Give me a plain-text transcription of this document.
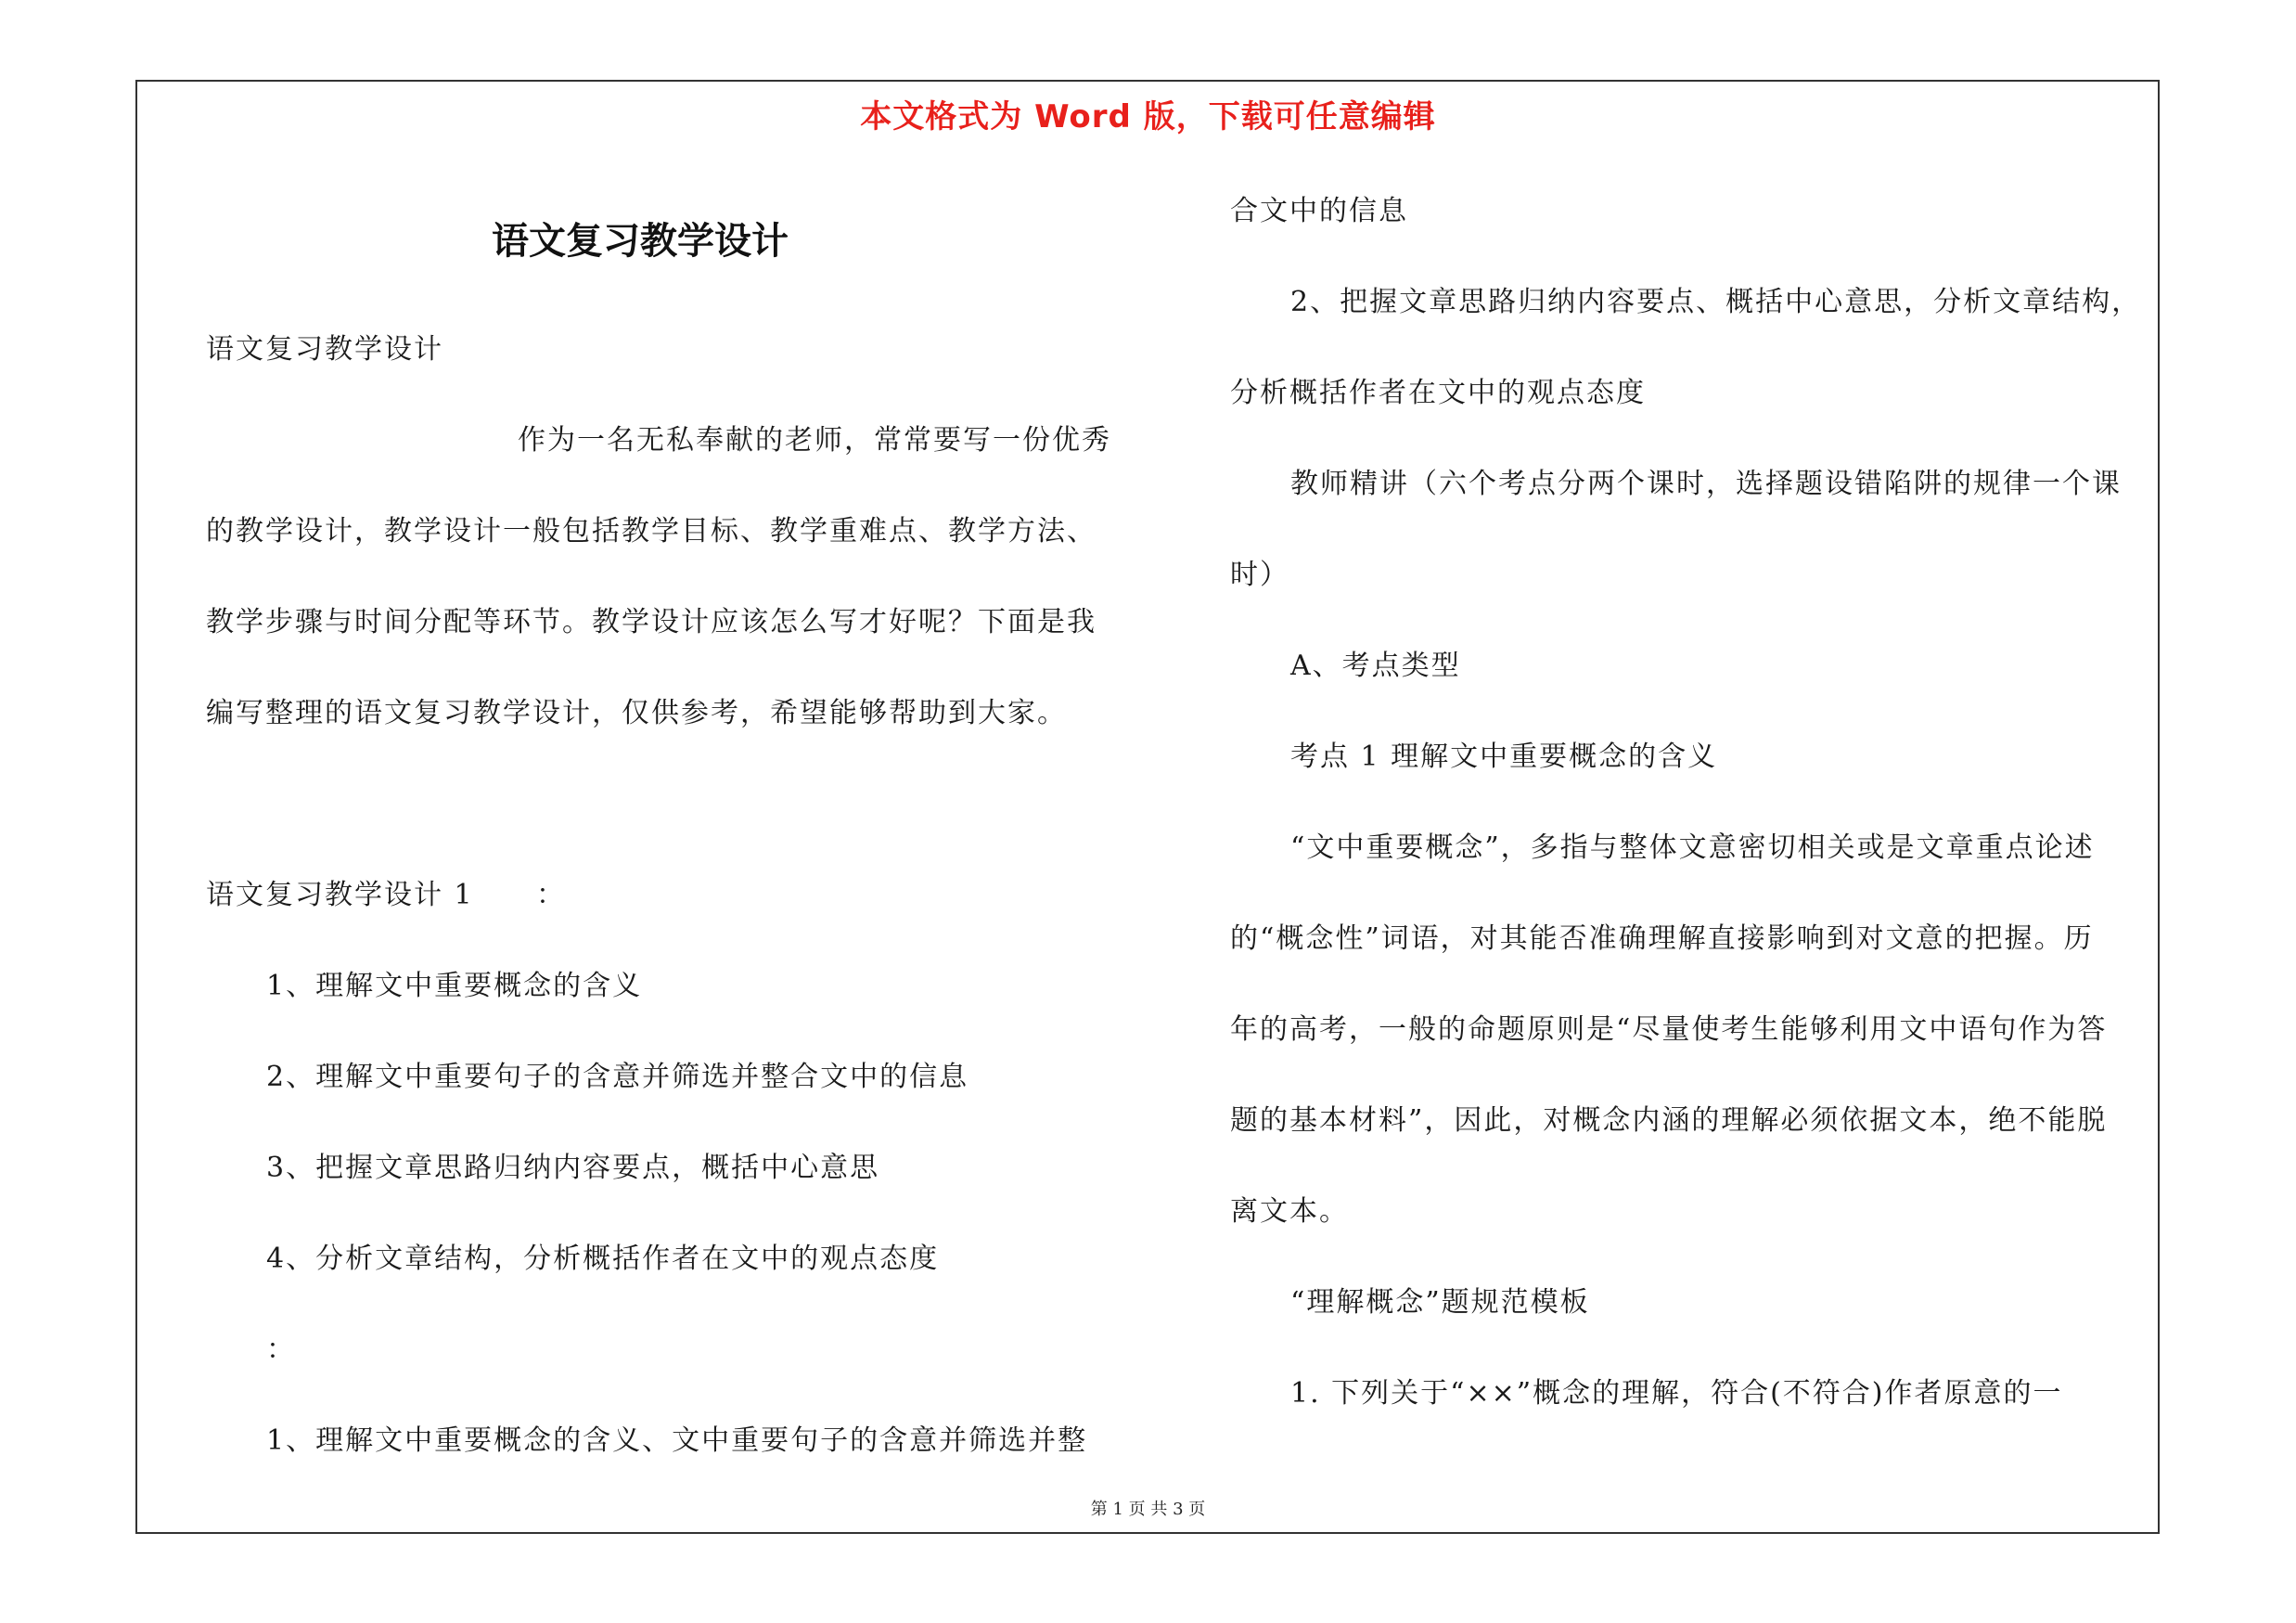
本文格式为 Word 版，下载可任意编辑
语文复习教学设计
语文复习教学设计
作为一名无私奉献的老师，常常要写一份优秀
的教学设计，教学设计一般包括教学目标、教学重难点、教学方法、
教学步骤与时间分配等环节。教学设计应该怎么写才好呢？下面是我
编写整理的语文复习教学设计，仅供参考，希望能够帮助到大家。
语文复习教学设计 1 ：
1、理解文中重要概念的含义
2、理解文中重要句子的含意并筛选并整合文中的信息
3、把握文章思路归纳内容要点，概括中心意思
4、分析文章结构，分析概括作者在文中的观点态度
：
1、理解文中重要概念的含义、文中重要句子的含意并筛选并整
合文中的信息
2、把握文章思路归纳内容要点、概括中心意思，分析文章结构，
分析概括作者在文中的观点态度
教师精讲（六个考点分两个课时，选择题设错陷阱的规律一个课
时）
A、考点类型
考点 1 理解文中重要概念的含义
“文中重要概念”，多指与整体文意密切相关或是文章重点论述
的“概念性”词语，对其能否准确理解直接影响到对文意的把握。历
年的高考，一般的命题原则是“尽量使考生能够利用文中语句作为答
题的基本材料”，因此，对概念内涵的理解必须依据文本，绝不能脱
离文本。
“理解概念”题规范模板
1. 下列关于“××”概念的理解，符合(不符合)作者原意的一
第 1 页 共 3 页
